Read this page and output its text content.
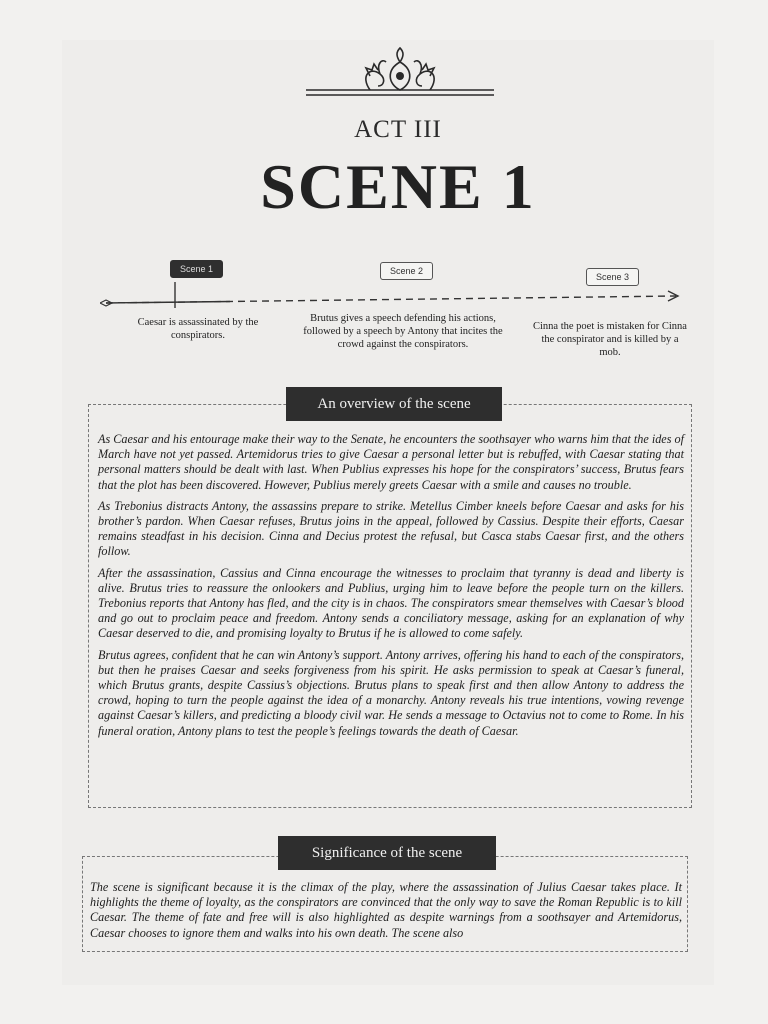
ACT III
SCENE 1
Scene 1	Scene 2
Scene 3
Caesar is assassinated by the conspirators.
Brutus gives a speech defending his actions, followed by a speech by Antony that incites the crowd against the conspirators.
Cinna the poet is mistaken for Cinna the conspirator and is killed by a mob.
An overview of the scene

As Caesar and his entourage make their way to the Senate, he encounters the soothsayer who warns him that the ides of March have not yet passed. Artemidorus tries to give Caesar a personal letter but is rebuffed, with Caesar stating that personal matters should be dealt with last. When Publius expresses his hope for the conspirators’ success, Brutus fears that the plot has been discovered. However, Publius merely greets Caesar with a smile and causes no trouble.

As Trebonius distracts Antony, the assassins prepare to strike. Metellus Cimber kneels before Caesar and asks for his brother’s pardon. When Caesar refuses, Brutus joins in the appeal, followed by Cassius. Despite their efforts, Caesar remains steadfast in his decision. Cinna and Decius protest the refusal, but Casca stabs Caesar first, and the others follow.

After the assassination, Cassius and Cinna encourage the witnesses to proclaim that tyranny is dead and liberty is alive. Brutus tries to reassure the onlookers and Publius, urging him to leave before the people turn on the killers. Trebonius reports that Antony has fled, and the city is in chaos. The conspirators smear themselves with Caesar’s blood and go out to proclaim peace and freedom. Antony sends a conciliatory message, asking for an explanation of why Caesar deserved to die, and promising loyalty to Brutus if he is allowed to come safely.

Brutus agrees, confident that he can win Antony’s support. Antony arrives, offering his hand to each of the conspirators, but then he praises Caesar and seeks forgiveness from his spirit. He asks permission to speak at Caesar’s funeral, which Brutus grants, despite Cassius’s objections. Brutus plans to speak first and then allow Antony to address the crowd, hoping to turn the people against the idea of a monarchy. Antony reveals his true intentions, vowing revenge against Caesar’s killers, and predicting a bloody civil war. He sends a message to Octavius not to come to Rome. In his funeral oration, Antony plans to test the people’s feelings towards the death of Caesar.

Significance of the scene

The scene is significant because it is the climax of the play, where the assassination of Julius Caesar takes place. It highlights the theme of loyalty, as the conspirators are convinced that the only way to save the Roman Republic is to kill Caesar. The theme of fate and free will is also highlighted as despite warnings from a soothsayer and Artemidorus, Caesar chooses to ignore them and walks into his own death. The scene also
